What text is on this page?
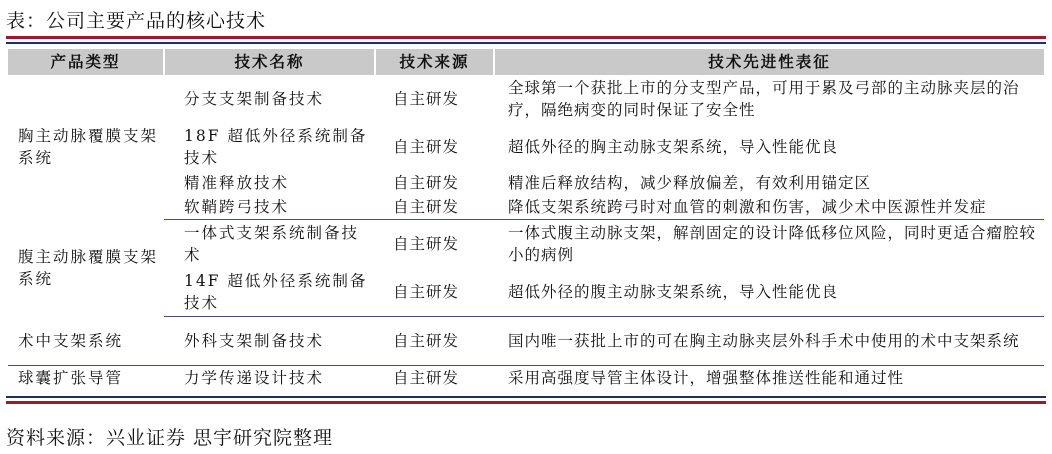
表：公司主要产品的核心技术
产品类型	技术名称	技术来源	技术先进性表征
胸主动脉覆膜支架系统	分支支架制备技术	自主研发	全球第一个获批上市的分支型产品，可用于累及弓部的主动脉夹层的治疗，隔绝病变的同时保证了安全性
	18F 超低外径系统制备技术	自主研发	超低外径的胸主动脉支架系统，导入性能优良
	精准释放技术	自主研发	精准后释放结构，减少释放偏差，有效利用锚定区
	软鞘跨弓技术	自主研发	降低支架系统跨弓时对血管的刺激和伤害，减少术中医源性并发症
腹主动脉覆膜支架系统	一体式支架系统制备技术	自主研发	一体式腹主动脉支架，解剖固定的设计降低移位风险，同时更适合瘤腔较小的病例
	14F 超低外径系统制备技术	自主研发	超低外径的腹主动脉支架系统，导入性能优良
术中支架系统	外科支架制备技术	自主研发	国内唯一获批上市的可在胸主动脉夹层外科手术中使用的术中支架系统
球囊扩张导管	力学传递设计技术	自主研发	采用高强度导管主体设计，增强整体推送性能和通过性
资料来源：兴业证券 思宇研究院整理
